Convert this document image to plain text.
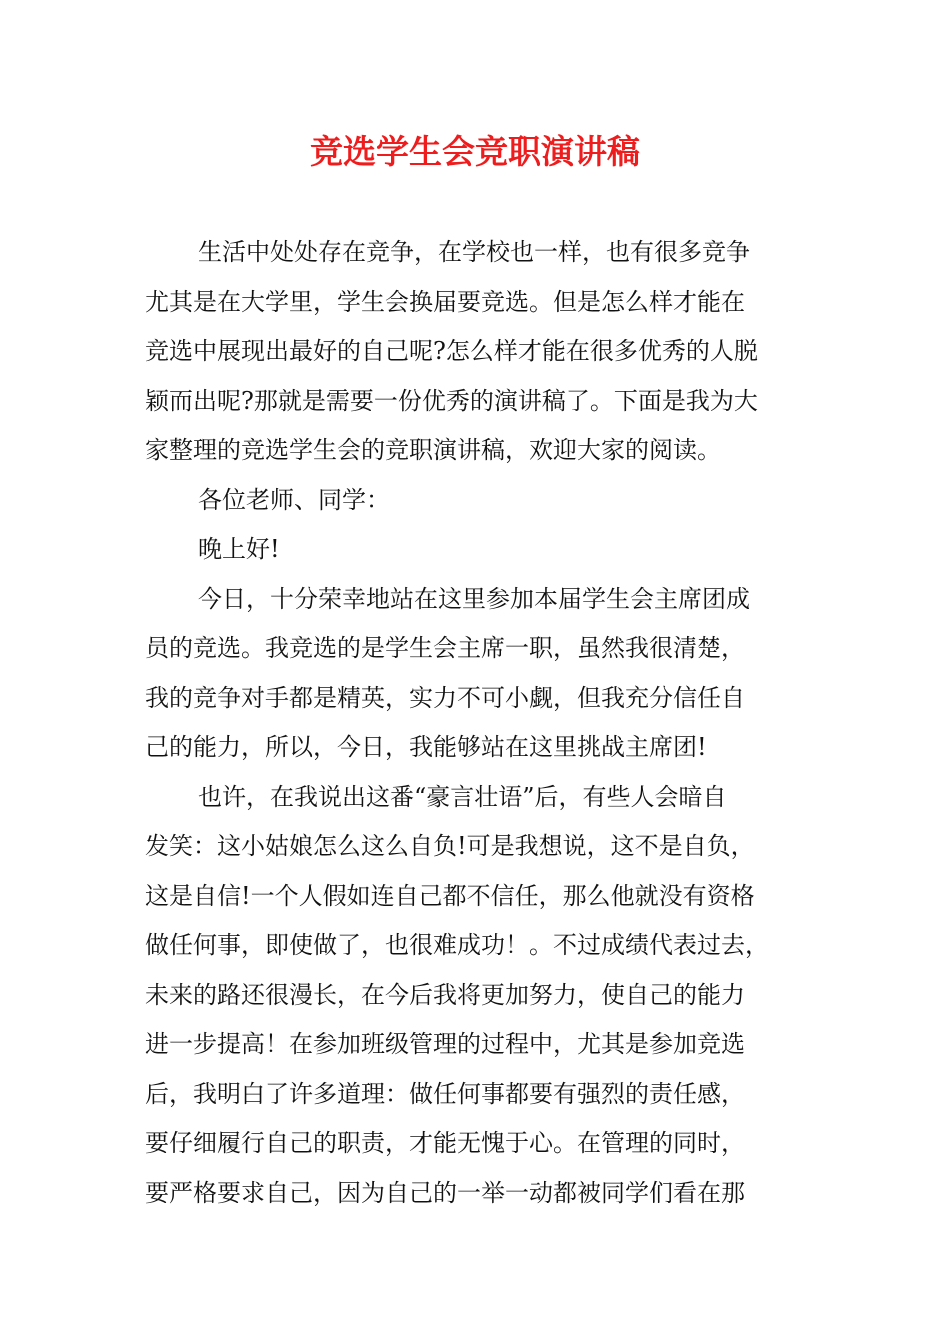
竞选学生会竞职演讲稿
生活中处处存在竞争，在学校也一样，也有很多竞争
尤其是在大学里，学生会换届要竞选。但是怎么样才能在
竞选中展现出最好的自己呢?怎么样才能在很多优秀的人脱
颖而出呢?那就是需要一份优秀的演讲稿了。下面是我为大
家整理的竞选学生会的竞职演讲稿，欢迎大家的阅读。
各位老师、同学：
晚上好!
今日，十分荣幸地站在这里参加本届学生会主席团成
员的竞选。我竞选的是学生会主席一职，虽然我很清楚，
我的竞争对手都是精英，实力不可小觑，但我充分信任自
己的能力，所以，今日，我能够站在这里挑战主席团!
也许，在我说出这番“豪言壮语”后，有些人会暗自
发笑：这小姑娘怎么这么自负!可是我想说，这不是自负，
这是自信!一个人假如连自己都不信任，那么他就没有资格
做任何事，即使做了，也很难成功！。不过成绩代表过去，
未来的路还很漫长，在今后我将更加努力，使自己的能力
进一步提高！在参加班级管理的过程中，尤其是参加竞选
后，我明白了许多道理：做任何事都要有强烈的责任感，
要仔细履行自己的职责，才能无愧于心。在管理的同时，
要严格要求自己，因为自己的一举一动都被同学们看在那
